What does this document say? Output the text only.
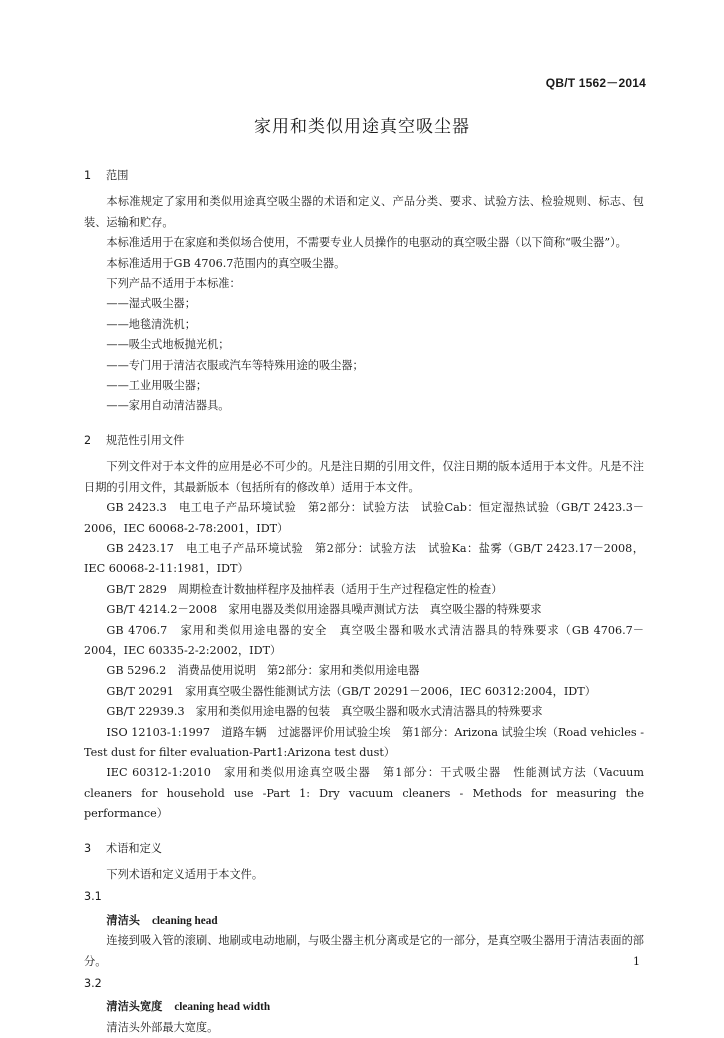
QB/T 1562－2014
家用和类似用途真空吸尘器
1 范围

本标准规定了家用和类似用途真空吸尘器的术语和定义、产品分类、要求、试验方法、检验规则、标志、包装、运输和贮存。

本标准适用于在家庭和类似场合使用，不需要专业人员操作的电驱动的真空吸尘器（以下简称“吸尘器”）。

本标准适用于GB 4706.7范围内的真空吸尘器。

下列产品不适用于本标准：

——湿式吸尘器；

——地毯清洗机；

——吸尘式地板抛光机；

——专门用于清洁衣服或汽车等特殊用途的吸尘器；

——工业用吸尘器；

——家用自动清洁器具。

2 规范性引用文件

下列文件对于本文件的应用是必不可少的。凡是注日期的引用文件，仅注日期的版本适用于本文件。凡是不注日期的引用文件，其最新版本（包括所有的修改单）适用于本文件。

GB 2423.3　电工电子产品环境试验　第2部分：试验方法　试验Cab：恒定湿热试验（GB/T 2423.3－2006，IEC 60068-2-78:2001，IDT）

GB 2423.17　电工电子产品环境试验　第2部分：试验方法　试验Ka：盐雾（GB/T 2423.17－2008，IEC 60068-2-11:1981，IDT）

GB/T 2829　周期检查计数抽样程序及抽样表（适用于生产过程稳定性的检查）

GB/T 4214.2－2008　家用电器及类似用途器具噪声测试方法　真空吸尘器的特殊要求

GB 4706.7　家用和类似用途电器的安全　真空吸尘器和吸水式清洁器具的特殊要求（GB 4706.7－2004，IEC 60335-2-2:2002，IDT）

GB 5296.2　消费品使用说明　第2部分：家用和类似用途电器

GB/T 20291　家用真空吸尘器性能测试方法（GB/T 20291－2006，IEC 60312:2004，IDT）

GB/T 22939.3　家用和类似用途电器的包装　真空吸尘器和吸水式清洁器具的特殊要求

ISO 12103-1:1997　道路车辆　过滤器评价用试验尘埃　第1部分：Arizona 试验尘埃（Road vehicles -Test dust for filter evaluation-Part1:Arizona test dust）

IEC 60312-1:2010　家用和类似用途真空吸尘器　第1部分：干式吸尘器　性能测试方法（Vacuum cleaners for household use -Part 1: Dry vacuum cleaners - Methods for measuring the performance）

3 术语和定义

下列术语和定义适用于本文件。

3.1

清洁头 cleaning head

连接到吸入管的滚刷、地刷或电动地刷，与吸尘器主机分离或是它的一部分，是真空吸尘器用于清洁表面的部分。

3.2

清洁头宽度 cleaning head width

清洁头外部最大宽度。

1
